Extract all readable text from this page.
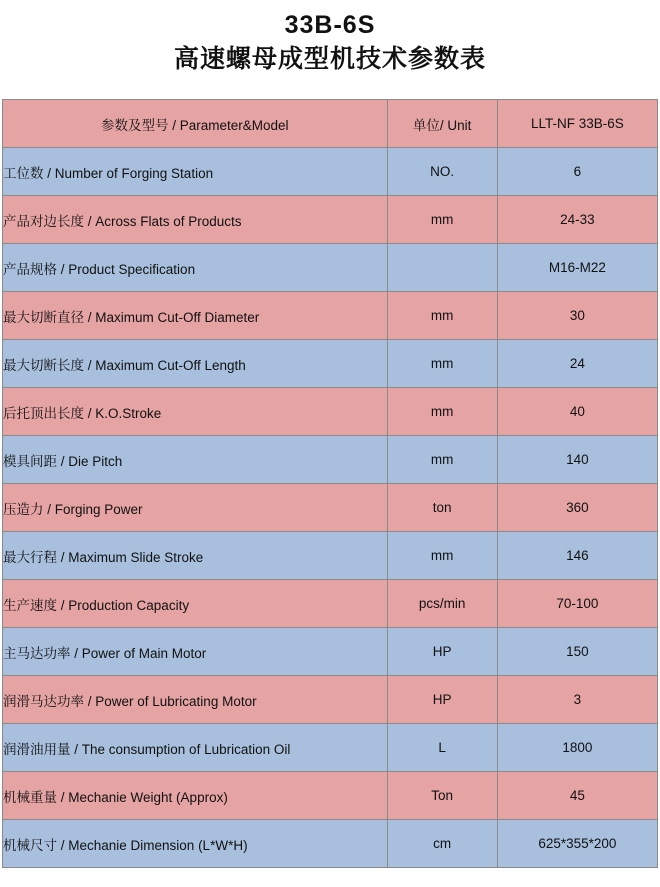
33B-6S
高速螺母成型机技术参数表
参数及型号 / Parameter&Model	单位/ Unit	LLT-NF 33B-6S
工位数 / Number of Forging Station	NO.	6
产品对边长度 / Across Flats of Products	mm	24-33
产品规格 / Product Specification		M16-M22
最大切断直径 / Maximum Cut-Off Diameter	mm	30
最大切断长度 / Maximum Cut-Off Length	mm	24
后托顶出长度 / K.O.Stroke	mm	40
模具间距 / Die Pitch	mm	140
压造力 / Forging Power	ton	360
最大行程 / Maximum Slide Stroke	mm	146
生产速度 / Production Capacity	pcs/min	70-100
主马达功率 / Power of Main Motor	HP	150
润滑马达功率 / Power of Lubricating Motor	HP	3
润滑油用量 / The consumption of Lubrication Oil	L	1800
机械重量 / Mechanie Weight (Approx)	Ton	45
机械尺寸 / Mechanie Dimension (L*W*H)	cm	625*355*200
